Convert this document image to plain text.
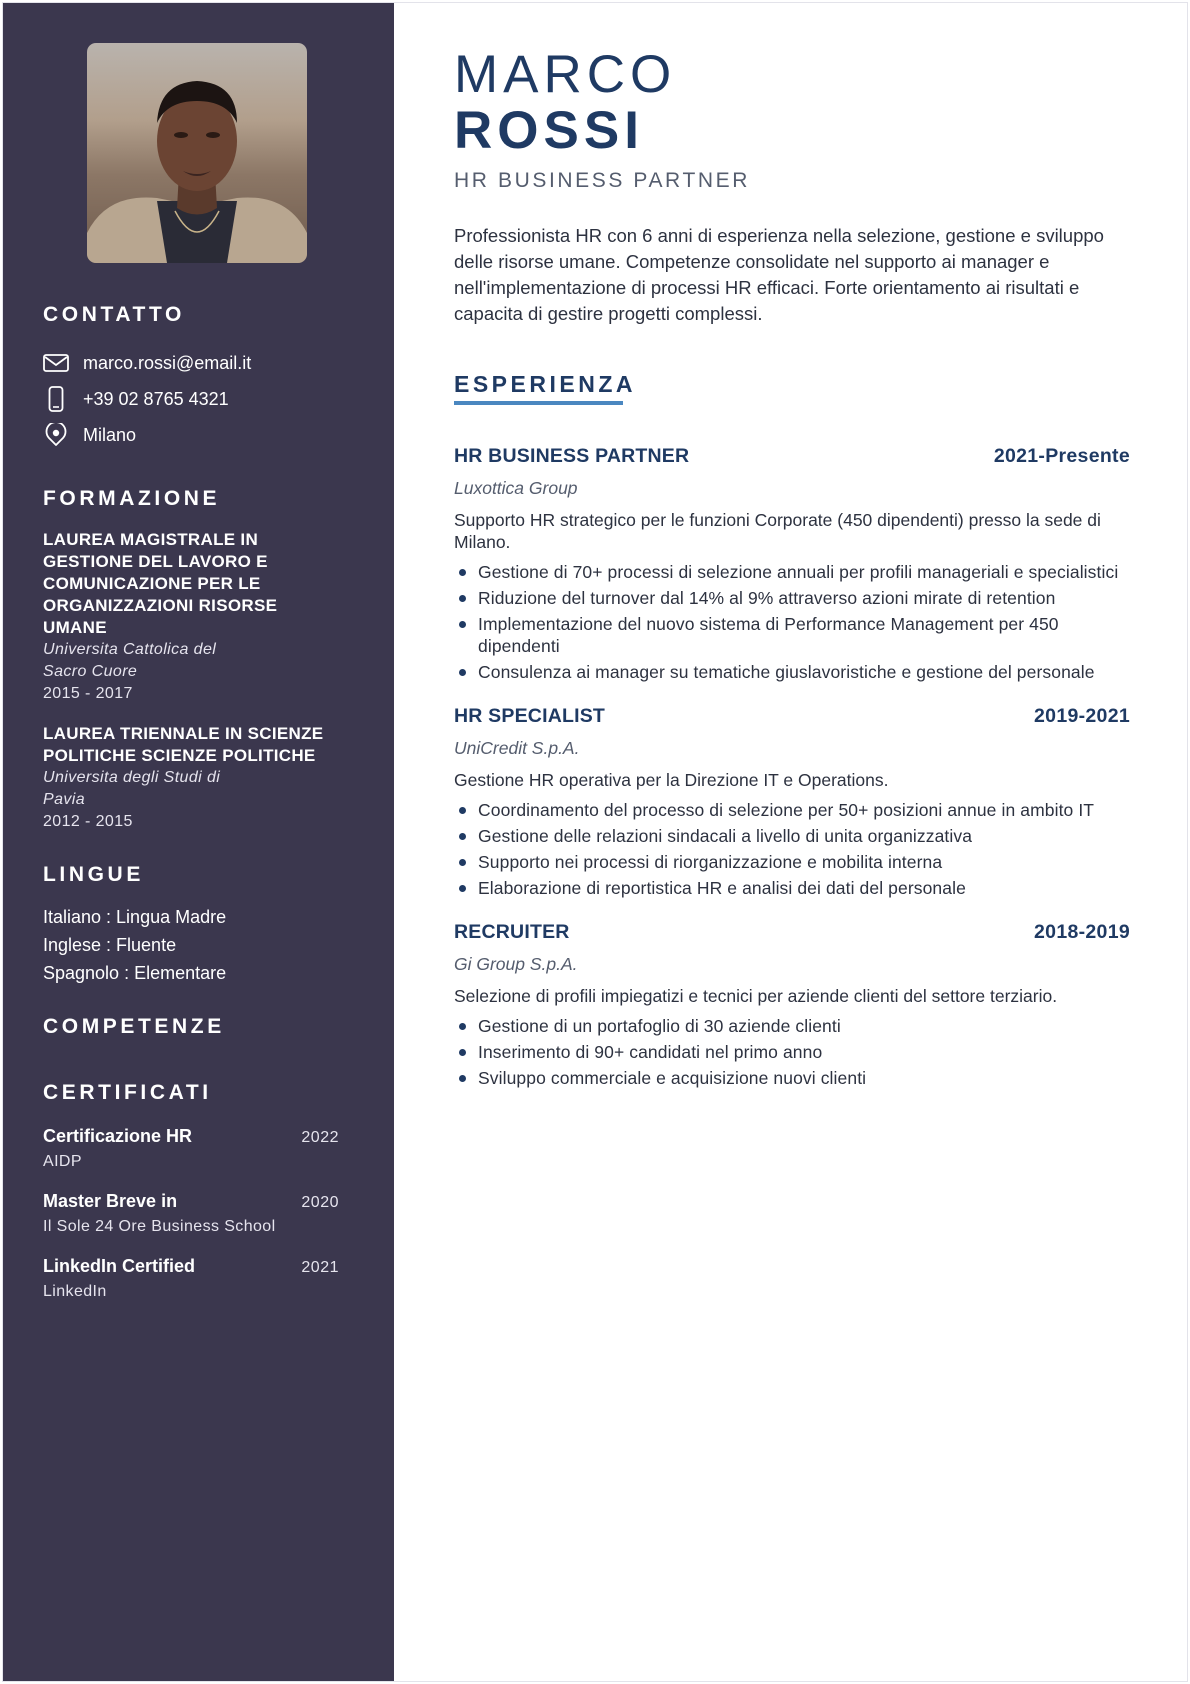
CONTATTO
marco.rossi@email.it
+39 02 8765 4321
Milano
FORMAZIONE
LAUREA MAGISTRALE IN GESTIONE DEL LAVORO E COMUNICAZIONE PER LE ORGANIZZAZIONI RISORSE UMANE
Universita Cattolica del Sacro Cuore
2015 - 2017
LAUREA TRIENNALE IN SCIENZE POLITICHE SCIENZE POLITICHE
Universita degli Studi di Pavia
2012 - 2015
LINGUE
Italiano : Lingua Madre
Inglese : Fluente
Spagnolo : Elementare
COMPETENZE
CERTIFICATI
Certificazione HR	2022
AIDP
Master Breve in	2020
Il Sole 24 Ore Business School
LinkedIn Certified	2021
LinkedIn
MARCO
ROSSI
HR BUSINESS PARTNER

Professionista HR con 6 anni di esperienza nella selezione, gestione e sviluppo delle risorse umane. Competenze consolidate nel supporto ai manager e nell'implementazione di processi HR efficaci. Forte orientamento ai risultati e capacita di gestire progetti complessi.

ESPERIENZA
HR BUSINESS PARTNER	2021-Presente
Luxottica Group
Supporto HR strategico per le funzioni Corporate (450 dipendenti) presso la sede di Milano.
Gestione di 70+ processi di selezione annuali per profili manageriali e specialistici
Riduzione del turnover dal 14% al 9% attraverso azioni mirate di retention
Implementazione del nuovo sistema di Performance Management per 450 dipendenti
Consulenza ai manager su tematiche giuslavoristiche e gestione del personale
HR SPECIALIST	2019-2021
UniCredit S.p.A.
Gestione HR operativa per la Direzione IT e Operations.
Coordinamento del processo di selezione per 50+ posizioni annue in ambito IT
Gestione delle relazioni sindacali a livello di unita organizzativa
Supporto nei processi di riorganizzazione e mobilita interna
Elaborazione di reportistica HR e analisi dei dati del personale
RECRUITER	2018-2019
Gi Group S.p.A.
Selezione di profili impiegatizi e tecnici per aziende clienti del settore terziario.
Gestione di un portafoglio di 30 aziende clienti
Inserimento di 90+ candidati nel primo anno
Sviluppo commerciale e acquisizione nuovi clienti
